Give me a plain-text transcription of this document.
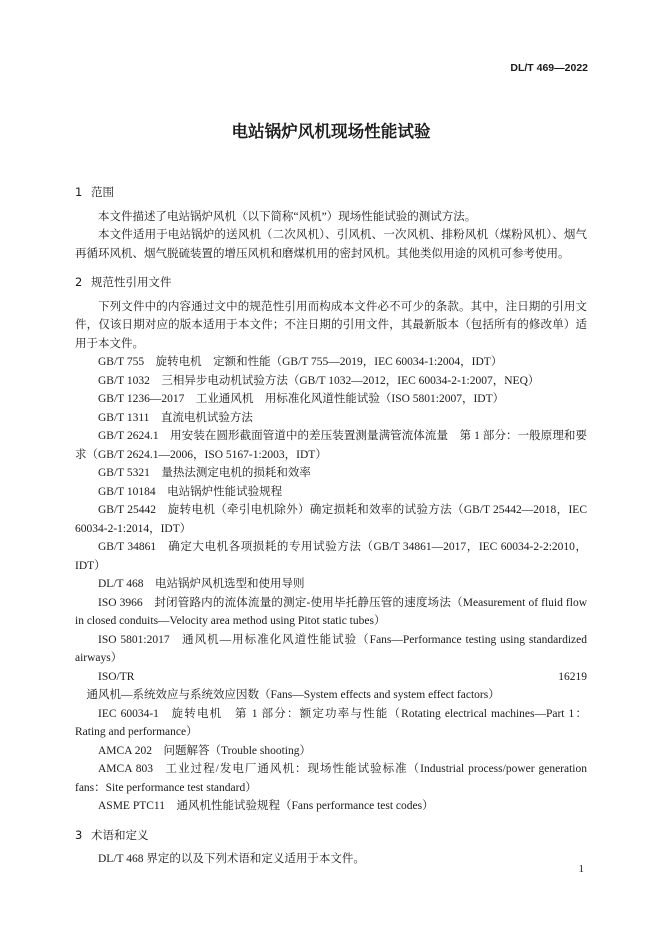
DL/T 469—2022
电站锅炉风机现场性能试验
1 范围

本文件描述了电站锅炉风机（以下简称“风机”）现场性能试验的测试方法。

本文件适用于电站锅炉的送风机（二次风机）、引风机、一次风机、排粉风机（煤粉风机）、烟气再循环风机、烟气脱硫装置的增压风机和磨煤机用的密封风机。其他类似用途的风机可参考使用。

2 规范性引用文件

下列文件中的内容通过文中的规范性引用而构成本文件必不可少的条款。其中，注日期的引用文件，仅该日期对应的版本适用于本文件；不注日期的引用文件，其最新版本（包括所有的修改单）适用于本文件。

GB/T 755 旋转电机　定额和性能（GB/T 755—2019，IEC 60034-1:2004，IDT）

GB/T 1032 三相异步电动机试验方法（GB/T 1032—2012，IEC 60034-2-1:2007，NEQ）

GB/T 1236—2017 工业通风机　用标准化风道性能试验（ISO 5801:2007，IDT）

GB/T 1311 直流电机试验方法

GB/T 2624.1 用安装在圆形截面管道中的差压装置测量满管流体流量　第 1 部分：一般原理和要求（GB/T 2624.1—2006，ISO 5167-1:2003，IDT）

GB/T 5321 量热法测定电机的损耗和效率

GB/T 10184 电站锅炉性能试验规程

GB/T 25442 旋转电机（牵引电机除外）确定损耗和效率的试验方法（GB/T 25442—2018，IEC 60034-2-1:2014，IDT）

GB/T 34861 确定大电机各项损耗的专用试验方法（GB/T 34861—2017，IEC 60034-2-2:2010，IDT）

DL/T 468 电站锅炉风机选型和使用导则

ISO 3966 封闭管路内的流体流量的测定-使用毕托静压管的速度场法（Measurement of fluid flow in closed conduits—Velocity area method using Pitot static tubes）

ISO 5801:2017 通风机—用标准化风道性能试验（Fans—Performance testing using standardized airways）

ISO/TR 16219通风机—系统效应与系统效应因数（Fans—System effects and system effect factors）

IEC 60034-1 旋转电机　第 1 部分：额定功率与性能（Rotating electrical machines—Part 1：Rating and performance）

AMCA 202 问题解答（Trouble shooting）

AMCA 803 工业过程/发电厂通风机：现场性能试验标准（Industrial process/power generation fans：Site performance test standard）

ASME PTC11 通风机性能试验规程（Fans performance test codes）

3 术语和定义

DL/T 468 界定的以及下列术语和定义适用于本文件。

1
